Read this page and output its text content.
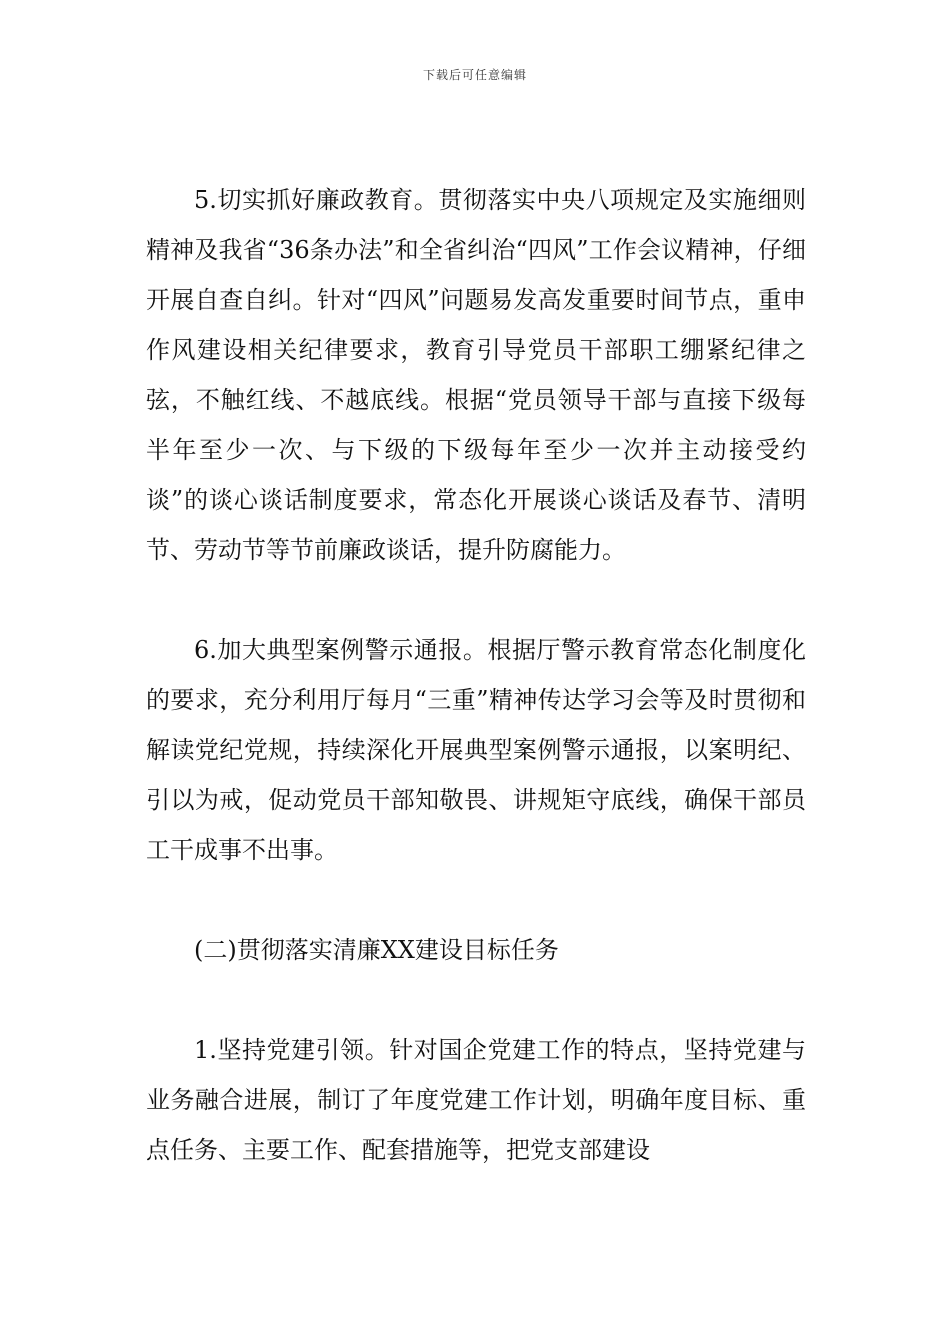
下载后可任意编辑

5.切实抓好廉政教育。贯彻落实中央八项规定及实施细则精神及我省“36条办法”和全省纠治“四风”工作会议精神，仔细开展自查自纠。针对“四风”问题易发高发重要时间节点，重申作风建设相关纪律要求，教育引导党员干部职工绷紧纪律之弦，不触红线、不越底线。根据“党员领导干部与直接下级每半年至少一次、与下级的下级每年至少一次并主动接受约谈”的谈心谈话制度要求，常态化开展谈心谈话及春节、清明节、劳动节等节前廉政谈话，提升防腐能力。

6.加大典型案例警示通报。根据厅警示教育常态化制度化的要求，充分利用厅每月“三重”精神传达学习会等及时贯彻和解读党纪党规，持续深化开展典型案例警示通报，以案明纪、引以为戒，促动党员干部知敬畏、讲规矩守底线，确保干部员工干成事不出事。

(二)贯彻落实清廉XX建设目标任务

1.坚持党建引领。针对国企党建工作的特点，坚持党建与业务融合进展，制订了年度党建工作计划，明确年度目标、重点任务、主要工作、配套措施等，把党支部建设
